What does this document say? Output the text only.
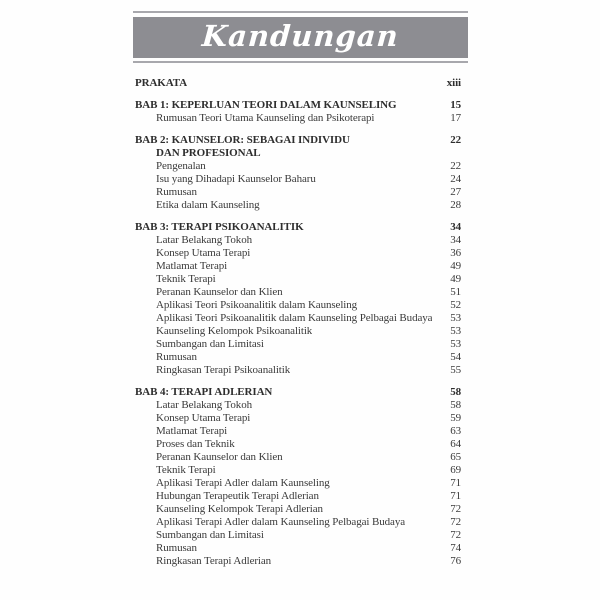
Kandungan
PRAKATA	xiii
BAB 1: KEPERLUAN TEORI DALAM KAUNSELING	15
Rumusan Teori Utama Kaunseling dan Psikoterapi	17
BAB 2: KAUNSELOR: SEBAGAI INDIVIDU	22
DAN PROFESIONAL
Pengenalan	22
Isu yang Dihadapi Kaunselor Baharu	24
Rumusan	27
Etika dalam Kaunseling	28
BAB 3: TERAPI PSIKOANALITIK	34
Latar Belakang Tokoh	34
Konsep Utama Terapi	36
Matlamat Terapi	49
Teknik Terapi	49
Peranan Kaunselor dan Klien	51
Aplikasi Teori Psikoanalitik dalam Kaunseling	52
Aplikasi Teori Psikoanalitik dalam Kaunseling Pelbagai Budaya	53
Kaunseling Kelompok Psikoanalitik	53
Sumbangan dan Limitasi	53
Rumusan	54
Ringkasan Terapi Psikoanalitik	55
BAB 4: TERAPI ADLERIAN	58
Latar Belakang Tokoh	58
Konsep Utama Terapi	59
Matlamat Terapi	63
Proses dan Teknik	64
Peranan Kaunselor dan Klien	65
Teknik Terapi	69
Aplikasi Terapi Adler dalam Kaunseling	71
Hubungan Terapeutik Terapi Adlerian	71
Kaunseling Kelompok Terapi Adlerian	72
Aplikasi Terapi Adler dalam Kaunseling Pelbagai Budaya	72
Sumbangan dan Limitasi	72
Rumusan	74
Ringkasan Terapi Adlerian	76
